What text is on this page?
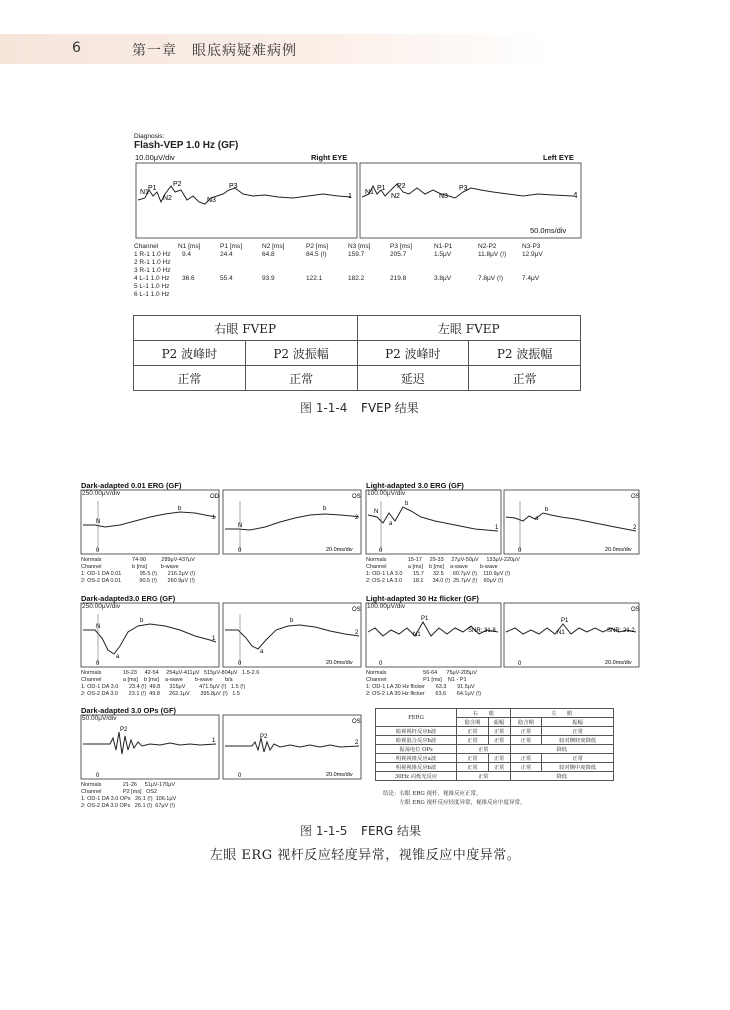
6	第一章　眼底病疑难病例
Diagnosis:
Flash-VEP 1.0 Hz (GF)
10.00μV/div	Right EYE	Left EYE
50.0ms/div
N1
P1
N2
P2
N3
P3
1
N1
P1
N2
P2
N3
P3
4
Channel	N1 [ms]	P1 [ms]	N2 [ms]	P2 [ms]	N3 [ms]	P3 [ms]	N1-P1	N2-P2	N3-P3
1 R-1 1.0 Hz 9.4	24.4	64.8	84.5 (!)	159.7	205.7	1.5μV	11.8μV (!) 12.9μV
2 R-1 1.0 Hz
3 R-1 1.0 Hz
4 L-1 1.0 Hz 36.6	55.4	93.9	122.1	182.2	219.8	3.8μV	7.8μV (!)	7.4μV
5 L-1 1.0 Hz
6 L-1 1.0 Hz
右眼 FVEP		左眼 FVEP	
P2 波峰时	P2 波振幅	P2 波峰时	P2 波振幅
正常	正常	延迟	正常
图 1-1-4 FVEP 结果
Dark-adapted 0.01 ERG (GF)
250.00μV/div
N
b
N
b
0	0
OD	OS
1	2
20.0ms/div
Normals                    74-90          289μV-437μV
Channel                    b [ms]         b-wave
1: OD-1 DA 0.01            95.5 (!)       216.2μV (!)
2: OS-2 DA 0.01            90.5 (!)       260.9μV (!)
Light-adapted 3.0 ERG (GF)
100.00μV/div
N
a
b
0	0
a
b
OS
1	2
20.0ms/div
Normals              15-17     29-33     27μV-50μV     133μV-220μV
Channel              a [ms]    b [ms]    a-wave        b-wave
1: OD-1 LA 3.0       15.7      32.5      60.7μV (!)    110.9μV (!)
2: OS-2 LA 3.0       18.1      34.0 (!)  25.7μV (!)    60μV (!)
Dark-adapted3.0 ERG (GF)
250.00μV/div
N
a
b
0	0
a
b
OS
1
2
20.0ms/div
Normals              16-23     42-54     254μV-411μV   515μV-804μV   1.5-2.6
Channel              a [ms]    b [ms]    a-wave        b-wave        b/a
1: OD-1 DA 3.0       23.4 (!)  49.8      315μV         471.5μV (!)   1.5 (!)
2: OS-2 DA 3.0       23.1 (!)  49.8      262.1μV       395.8μV (!)   1.5
Light-adapted 30 Hz flicker (GF)
100.00μV/div
N1
P1
N1
P1
SNR: 31.8	SNR: 21.2
0	0
OS
20.0ms/div
Normals                        56-64      75μV-205μV
Channel                        P1 [ms]    N1 - P1
1: OD-1 LA 30 Hz flicker       63.3       91.5μV
2: OS-2 LA 30 Hz flicker       63.6       64.1μV (!)
Dark-adapted 3.0 OPs (GF)
50.00μV/div
P2
P2
0	0
OS
1	2
20.0ms/div
Normals              21-26     51μV-170μV
Channel              P2 [ms]   OS2
1: OD-1 DA 3.0 OPs   26.1 (!)  106.1μV
2: OS-2 DA 3.0 OPs   26.1 (!)  67μV (!)
FERG	右　　眼		左　　眼	
	隐含期	振幅	隐含期	振幅
暗视视杆反应b波	正常	正常	正常	正常
暗视混合反应b波	正常	正常	正常	较对侧轻度降低
振荡电位 OPs	正常		降低	
明视视锥反应a波	正常	正常	正常	正常
明视视锥反应b波	正常	正常	正常	较对侧中度降低
30Hz 闪烁光反应	正常		降低	
结论：右眼 ERG 视杆、视锥反应正常。
　　　左眼 ERG 视杆反应轻度异常，视锥反应中度异常。
图 1-1-5 FERG 结果
左眼 ERG 视杆反应轻度异常，视锥反应中度异常。
